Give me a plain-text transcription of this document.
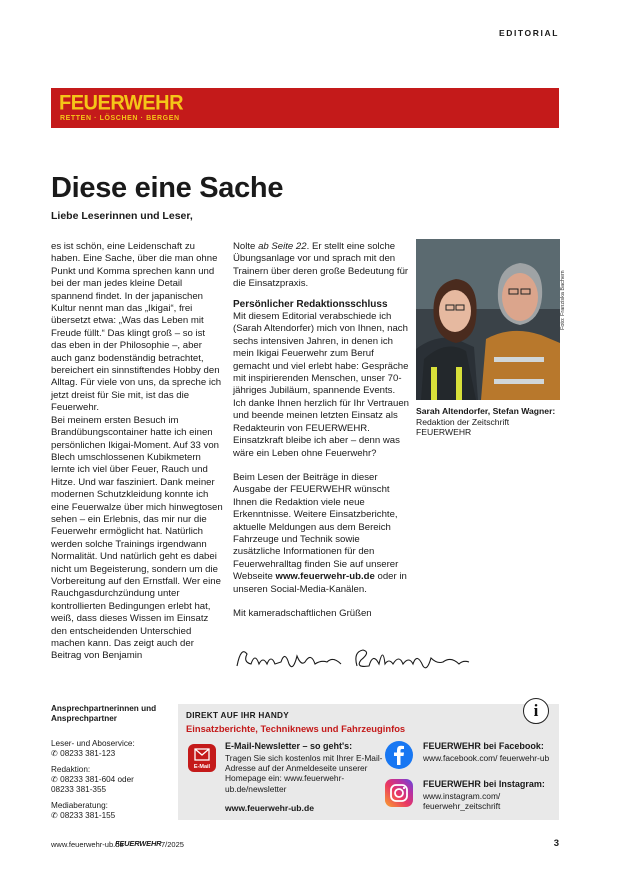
EDITORIAL
FEUERWEHR
RETTEN · LÖSCHEN · BERGEN
Diese eine Sache
Liebe Leserinnen und Leser,

es ist schön, eine Leidenschaft zu haben. Eine Sache, über die man ohne Punkt und Komma sprechen kann und bei der man jedes kleine Detail spannend findet. In der japanischen Kultur nennt man das „Ikigai“, frei übersetzt etwa: „Was das Leben mit Freude füllt.“ Das klingt groß – so ist das eben in der Philosophie –, aber auch ganz bodenständig betrachtet, bereichert ein sinnstiftendes Hobby den Alltag. Für viele von uns, da spreche ich jetzt dreist für Sie mit, ist das die Feuerwehr.

Bei meinem ersten Besuch im Brandübungscontainer hatte ich einen persönlichen Ikigai-Moment. Auf 33 von Blech umschlossenen Kubikmetern lernte ich viel über Feuer, Rauch und Hitze. Und war fasziniert. Dank meiner modernen Schutzkleidung konnte ich eine Feuerwalze über mich hinwegtosen sehen – ein Erlebnis, das mir nur die Feuerwehr ermöglicht hat. Natürlich werden solche Trainings irgendwann Normalität. Und natürlich geht es dabei nicht um Begeisterung, sondern um die Vorbereitung auf den Ernstfall. Wer eine Rauchgasdurchzündung unter kontrollierten Bedingungen erlebt hat, weiß, dass dieses Wissen im Einsatz den entscheidenden Unterschied machen kann. Das zeigt auch der Beitrag von Benjamin

Nolte ab Seite 22. Er stellt eine solche Übungsanlage vor und sprach mit den Trainern über deren große Bedeutung für die Einsatzpraxis.

Persönlicher Redaktionsschluss

Mit diesem Editorial verabschiede ich (Sarah Altendorfer) mich von Ihnen, nach sechs intensiven Jahren, in denen ich mein Ikigai Feuerwehr zum Beruf gemacht und viel erlebt habe: Gespräche mit inspirierenden Menschen, unser 70-jähriges Jubiläum, spannende Events. Ich danke Ihnen herzlich für Ihr Vertrauen und beende meinen letzten Einsatz als Redakteurin von FEUERWEHR. Einsatzkraft bleibe ich aber – denn was wäre ein Leben ohne Feuerwehr?

Beim Lesen der Beiträge in dieser Ausgabe der FEUERWEHR wünscht Ihnen die Redaktion viele neue Erkenntnisse. Weitere Einsatzberichte, aktuelle Meldungen aus dem Bereich Fahrzeuge und Technik sowie zusätzliche Informationen für den Feuerwehralltag finden Sie auf unserer Webseite www.feuerwehr-ub.de oder in unseren Social-Media-Kanälen.

Mit kameradschaftlichen Grüßen

Foto: Franziska Bachem
Sarah Altendorfer, Stefan Wagner:
Redaktion der Zeitschrift FEUERWEHR
Ansprechpartnerinnen und Ansprechpartner
Leser- und Aboservice:
✆ 08233 381-123
Redaktion:
✆ 08233 381-604 oder
08233 381-355
Mediaberatung:
✆ 08233 381-155
DIREKT AUF IHR HANDY
Einsatzberichte, Techniknews und Fahrzeuginfos
i
E-Mail
E-Mail-Newsletter – so geht's:
Tragen Sie sich kostenlos mit Ihrer E-Mail-Adresse auf der Anmeldeseite unserer Homepage ein: www.feuerwehr-ub.de/newsletter
www.feuerwehr-ub.de
FEUERWEHR bei Facebook:
www.facebook.com/ feuerwehr-ub
FEUERWEHR bei Instagram:
www.instagram.com/ feuerwehr_zeitschrift
www.feuerwehr-ub.de
FEUERWEHR 7/2025	3
